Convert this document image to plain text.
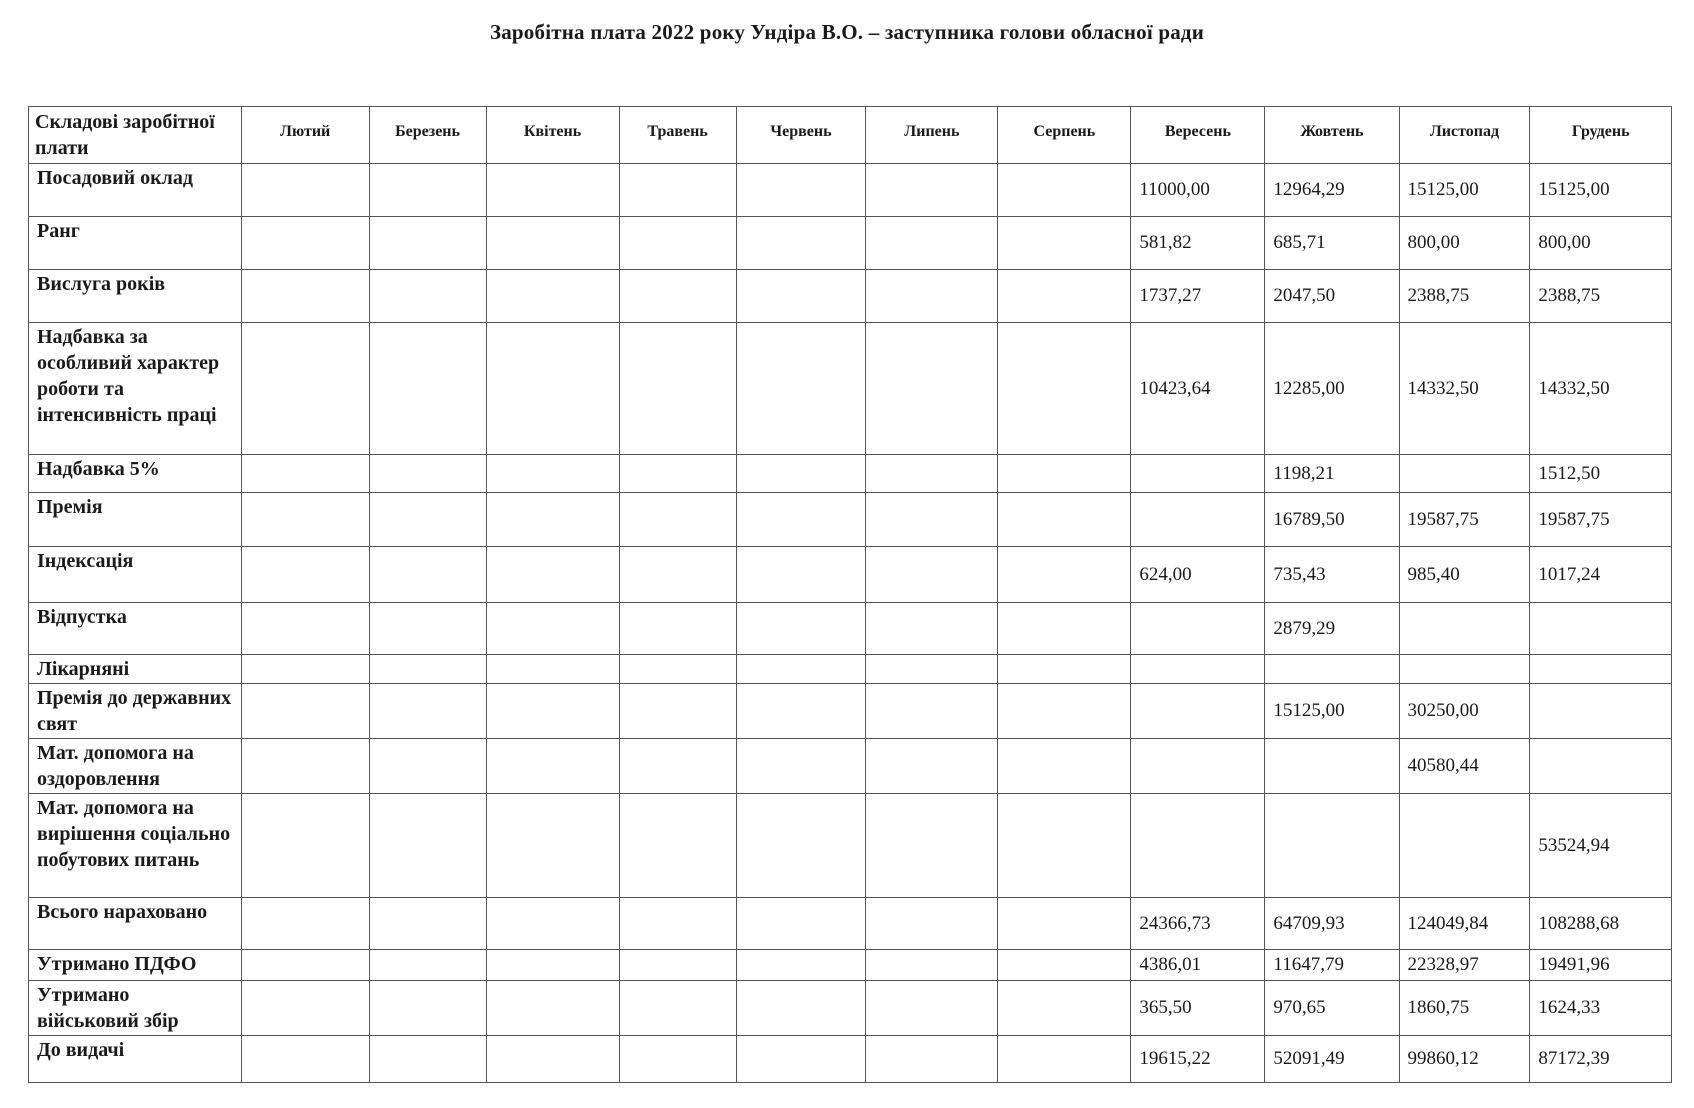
Заробітна плата 2022 року Ундіра В.О. – заступника голови обласної ради
Складові заробітної плати	Лютий	Березень	Квітень	Травень	Червень	Липень	Серпень	Вересень	Жовтень	Листопад	Грудень
Посадовий оклад								11000,00	12964,29	15125,00	15125,00
Ранг								581,82	685,71	800,00	800,00
Вислуга років								1737,27	2047,50	2388,75	2388,75
Надбавка за особливий характер роботи та інтенсивність праці								10423,64	12285,00	14332,50	14332,50
Надбавка 5%									1198,21		1512,50
Премія									16789,50	19587,75	19587,75
Індексація								624,00	735,43	985,40	1017,24
Відпустка									2879,29		
Лікарняні											
Премія до державних свят									15125,00	30250,00	
Мат. допомога на оздоровлення										40580,44	
Мат. допомога на вирішення соціально побутових питань											53524,94
Всього нараховано								24366,73	64709,93	124049,84	108288,68
Утримано ПДФО								4386,01	11647,79	22328,97	19491,96
Утримано військовий збір								365,50	970,65	1860,75	1624,33
До видачі								19615,22	52091,49	99860,12	87172,39
